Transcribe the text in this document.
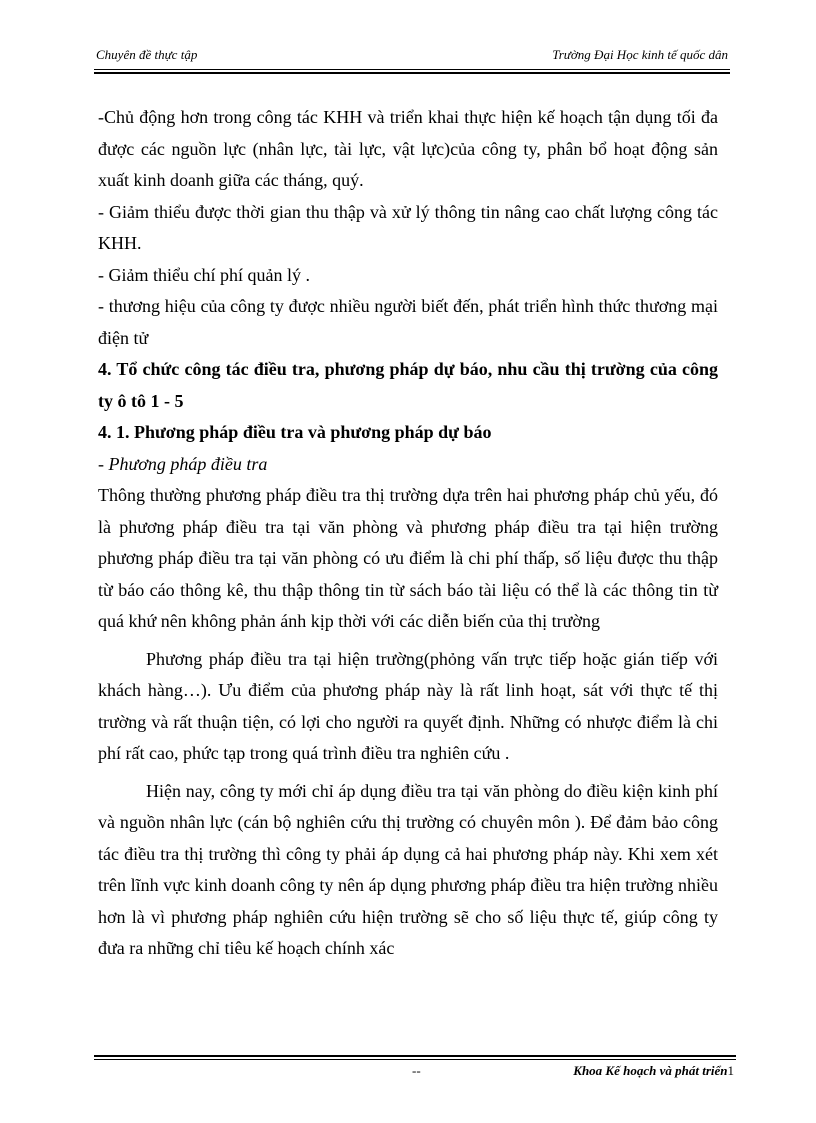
Chuyên đề thực tập	Trường Đại Học kinh tế quốc dân

-Chủ động hơn trong công tác KHH và triển khai thực hiện kế hoạch tận dụng tối đa được các nguồn lực (nhân lực, tài lực, vật lực)của công ty, phân bổ hoạt động sản xuất kinh doanh giữa các tháng, quý.

- Giảm thiểu được thời gian thu thập và xử lý thông tin nâng cao chất lượng công tác KHH.

- Giảm thiểu chí phí quản lý .

- thương hiệu của công ty được nhiều người biết đến, phát triển hình thức thương mại điện tử

4. Tổ chức công tác điều tra, phương pháp dự báo, nhu cầu thị trường của công ty ô tô 1 - 5

4. 1. Phương pháp điều tra và phương pháp dự báo

- Phương pháp điều tra

Thông thường phương pháp điều tra thị trường dựa trên hai phương pháp chủ yếu, đó là phương pháp điều tra tại văn phòng và phương pháp điều tra tại hiện trường phương pháp điều tra tại văn phòng có ưu điểm là chi phí thấp, số liệu được thu thập từ báo cáo thông kê, thu thập thông tin từ sách báo tài liệu có thể là các thông tin từ quá khứ nên không phản ánh kịp thời với các diễn biến của thị trường

Phương pháp điều tra tại hiện trường(phỏng vấn trực tiếp hoặc gián tiếp với khách hàng…). Ưu điểm của phương pháp này là rất linh hoạt, sát với thực tế thị trường và rất thuận tiện, có lợi cho người ra quyết định. Những có nhược điểm là chi phí rất cao, phức tạp trong quá trình điều tra nghiên cứu .

Hiện nay, công ty mới chỉ áp dụng điều tra tại văn phòng do điều kiện kinh phí và nguồn nhân lực (cán bộ nghiên cứu thị trường có chuyên môn ). Để đảm bảo công tác điều tra thị trường thì công ty phải áp dụng cả hai phương pháp này. Khi xem xét trên lĩnh vực kinh doanh công ty nên áp dụng phương pháp điều tra hiện trường nhiều hơn là vì phương pháp nghiên cứu hiện trường sẽ cho số liệu thực tế, giúp công ty đưa ra những chỉ tiêu kế hoạch chính xác

--	Khoa Kế hoạch và phát triển1
